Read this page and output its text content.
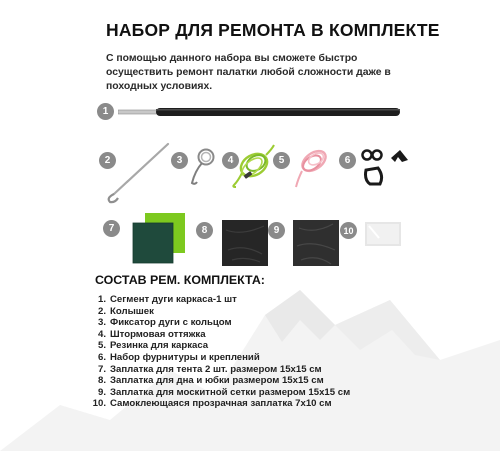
НАБОР ДЛЯ РЕМОНТА В КОМПЛЕКТЕ

С помощью данного набора вы сможете быстро осуществить ремонт палатки любой сложности даже в походных условиях.

1
2	3	4	5	6
7	8	9	10
СОСТАВ РЕМ. КОМПЛЕКТА:
1. Сегмент дуги каркаса-1 шт
2. Колышек
3. Фиксатор дуги с кольцом
4. Штормовая оттяжка
5. Резинка для каркаса
6. Набор фурнитуры и креплений
7. Заплатка для тента 2 шт. размером 15х15 см
8. Заплатка для дна и юбки размером 15х15 см
9. Заплатка для москитной сетки размером 15х15 см
10. Самоклеющаяся прозрачная заплатка 7х10 см
